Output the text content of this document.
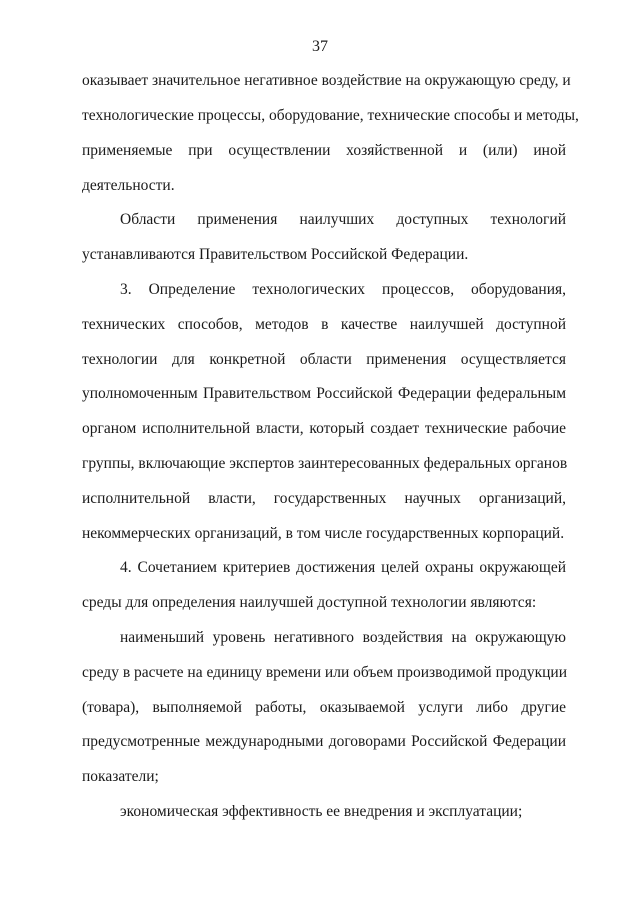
37
оказывает значительное негативное воздействие на окружающую среду, и
технологические процессы, оборудование, технические способы и методы,
применяемые при осуществлении хозяйственной и (или) иной
деятельности.
Области применения наилучших доступных технологий
устанавливаются Правительством Российской Федерации.
3. Определение технологических процессов, оборудования,
технических способов, методов в качестве наилучшей доступной
технологии для конкретной области применения осуществляется
уполномоченным Правительством Российской Федерации федеральным
органом исполнительной власти, который создает технические рабочие
группы, включающие экспертов заинтересованных федеральных органов
исполнительной власти, государственных научных организаций,
некоммерческих организаций, в том числе государственных корпораций.
4. Сочетанием критериев достижения целей охраны окружающей
среды для определения наилучшей доступной технологии являются:
наименьший уровень негативного воздействия на окружающую
среду в расчете на единицу времени или объем производимой продукции
(товара), выполняемой работы, оказываемой услуги либо другие
предусмотренные международными договорами Российской Федерации
показатели;
экономическая эффективность ее внедрения и эксплуатации;
